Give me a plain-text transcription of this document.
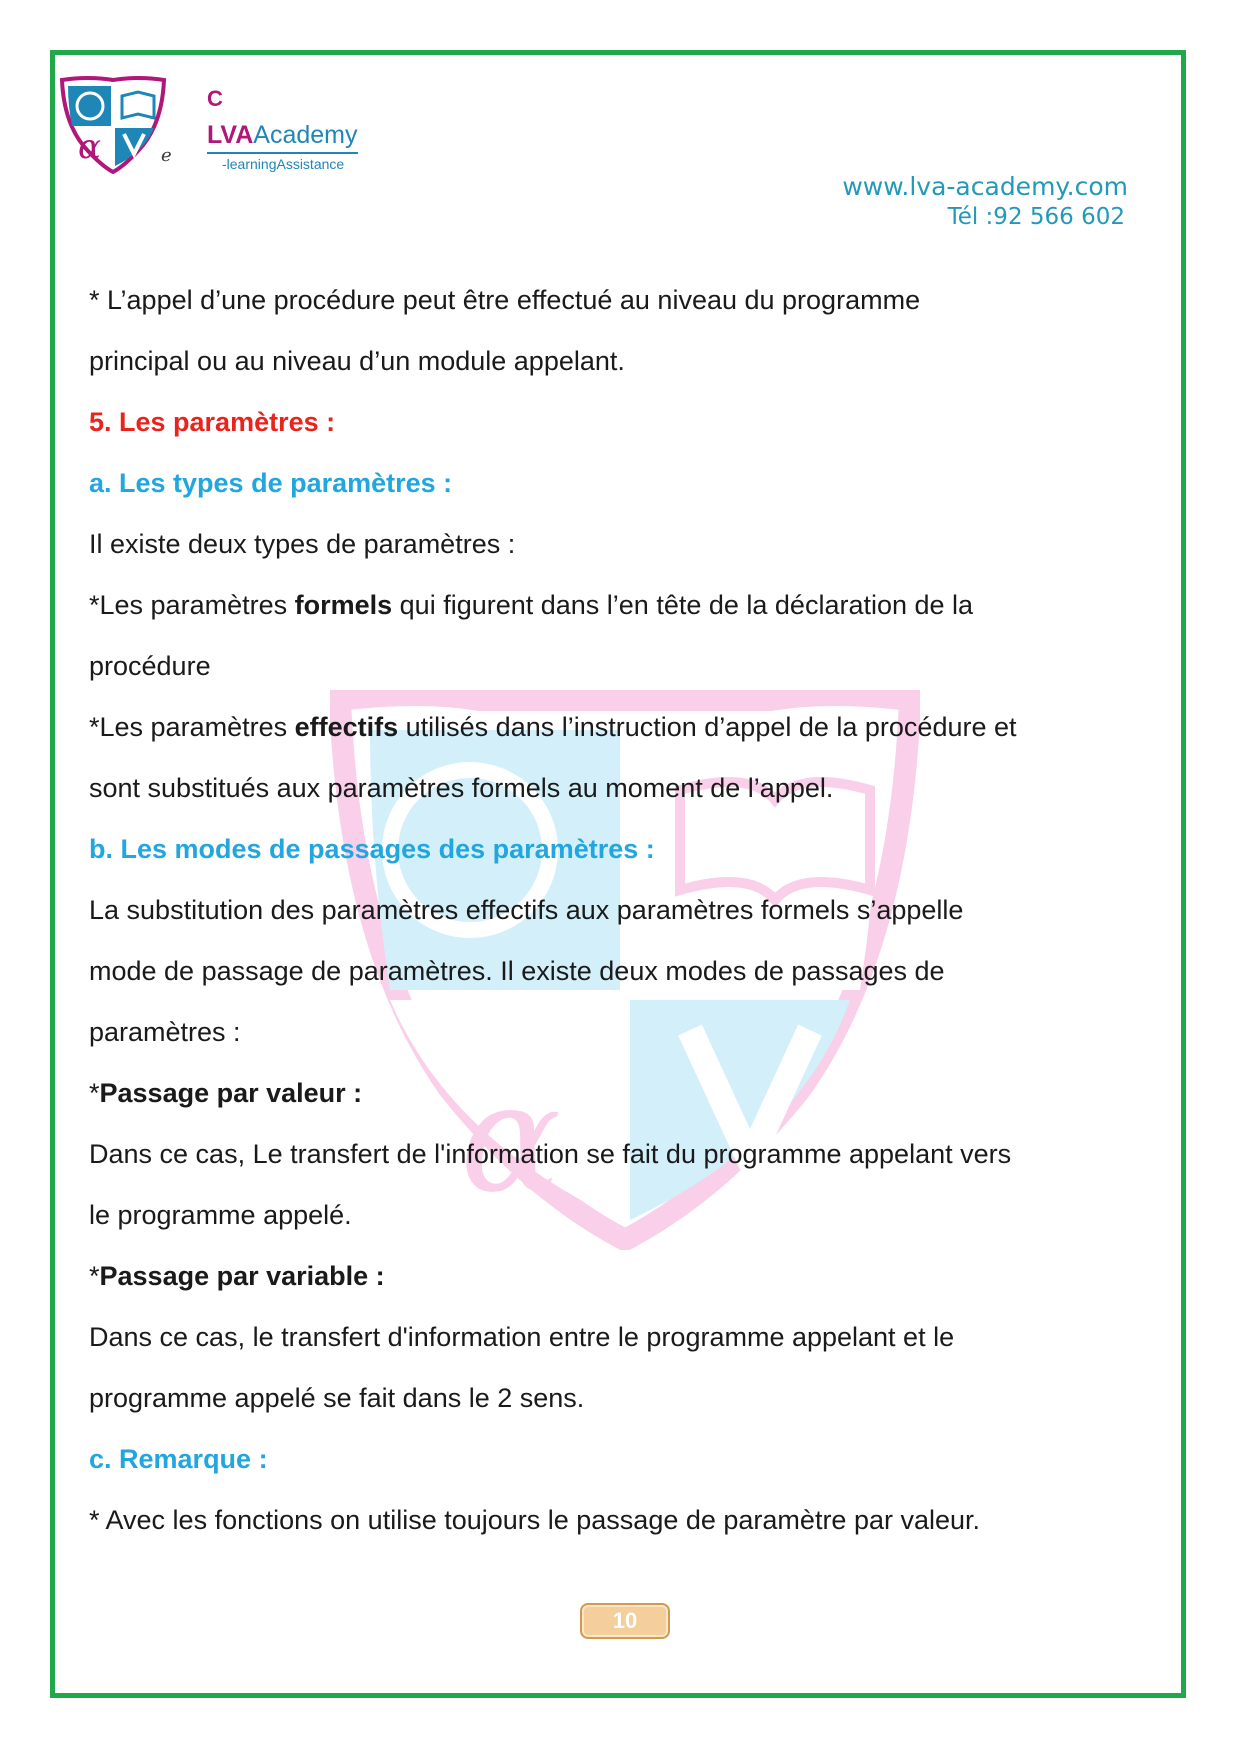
α
α	e
C
LVAAcademy
-learningAssistance
www.lva-academy.com
Tél :92 566 602

* L’appel d’une procédure peut être effectué au niveau du programme

principal ou au niveau d’un module appelant.

5. Les paramètres :

a. Les types de paramètres :

Il existe deux types de paramètres :

*Les paramètres formels qui figurent dans l’en tête de la déclaration de la

procédure

*Les paramètres effectifs utilisés dans l’instruction d’appel de la procédure et

sont substitués aux paramètres formels au moment de l’appel.

b. Les modes de passages des paramètres :

La substitution des paramètres effectifs aux paramètres formels s’appelle

mode de passage de paramètres. Il existe deux modes de passages de

paramètres :

*Passage par valeur :

Dans ce cas, Le transfert de l'information se fait du programme appelant vers

le programme appelé.

*Passage par variable :

Dans ce cas, le transfert d'information entre le programme appelant et le

programme appelé se fait dans le 2 sens.

c. Remarque :

* Avec les fonctions on utilise toujours le passage de paramètre par valeur.

10
